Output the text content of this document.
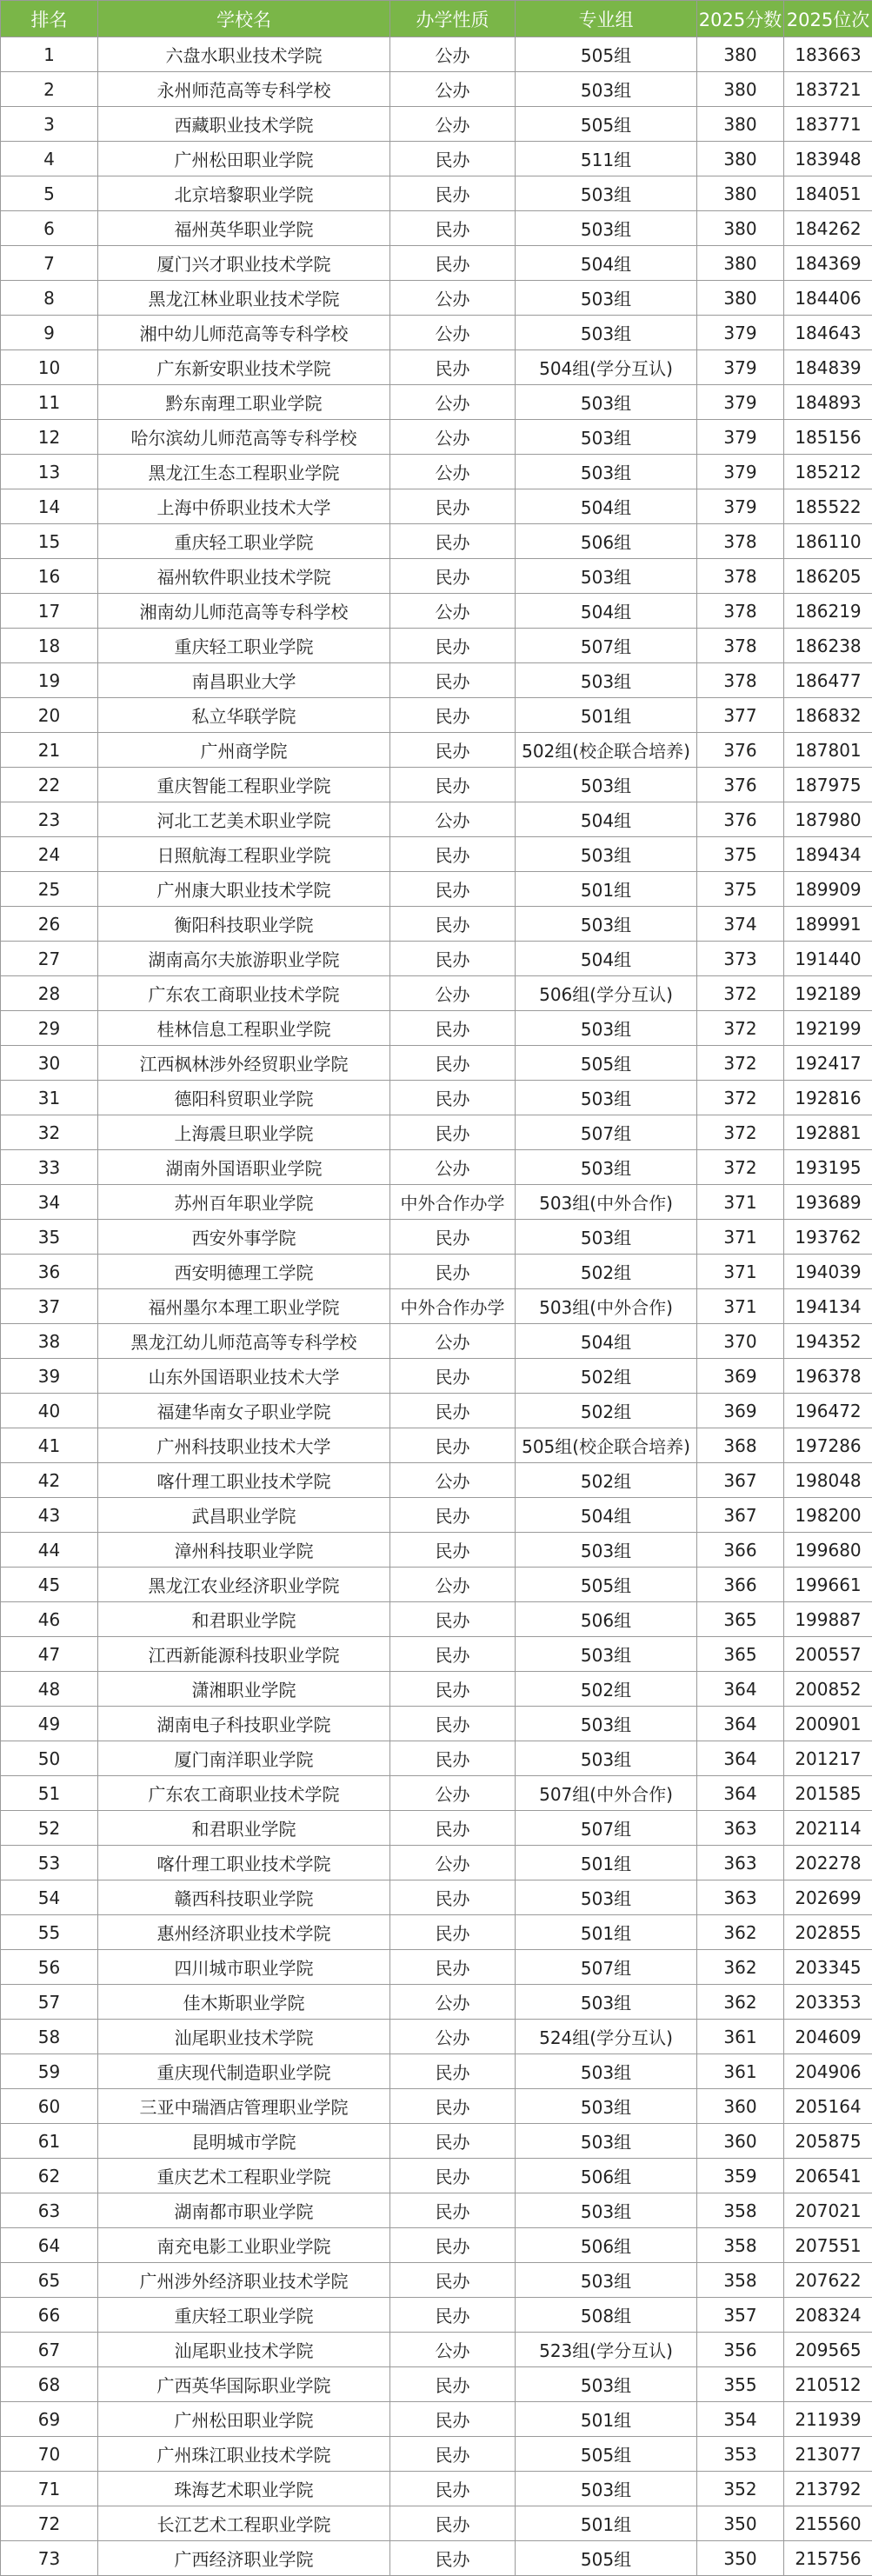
排名	学校名	办学性质	专业组	2025分数	2025位次
1	六盘水职业技术学院	公办	505组	380	183663
2	永州师范高等专科学校	公办	503组	380	183721
3	西藏职业技术学院	公办	505组	380	183771
4	广州松田职业学院	民办	511组	380	183948
5	北京培黎职业学院	民办	503组	380	184051
6	福州英华职业学院	民办	503组	380	184262
7	厦门兴才职业技术学院	民办	504组	380	184369
8	黑龙江林业职业技术学院	公办	503组	380	184406
9	湘中幼儿师范高等专科学校	公办	503组	379	184643
10	广东新安职业技术学院	民办	504组(学分互认)	379	184839
11	黔东南理工职业学院	公办	503组	379	184893
12	哈尔滨幼儿师范高等专科学校	公办	503组	379	185156
13	黑龙江生态工程职业学院	公办	503组	379	185212
14	上海中侨职业技术大学	民办	504组	379	185522
15	重庆轻工职业学院	民办	506组	378	186110
16	福州软件职业技术学院	民办	503组	378	186205
17	湘南幼儿师范高等专科学校	公办	504组	378	186219
18	重庆轻工职业学院	民办	507组	378	186238
19	南昌职业大学	民办	503组	378	186477
20	私立华联学院	民办	501组	377	186832
21	广州商学院	民办	502组(校企联合培养)	376	187801
22	重庆智能工程职业学院	民办	503组	376	187975
23	河北工艺美术职业学院	公办	504组	376	187980
24	日照航海工程职业学院	民办	503组	375	189434
25	广州康大职业技术学院	民办	501组	375	189909
26	衡阳科技职业学院	民办	503组	374	189991
27	湖南高尔夫旅游职业学院	民办	504组	373	191440
28	广东农工商职业技术学院	公办	506组(学分互认)	372	192189
29	桂林信息工程职业学院	民办	503组	372	192199
30	江西枫林涉外经贸职业学院	民办	505组	372	192417
31	德阳科贸职业学院	民办	503组	372	192816
32	上海震旦职业学院	民办	507组	372	192881
33	湖南外国语职业学院	公办	503组	372	193195
34	苏州百年职业学院	中外合作办学	503组(中外合作)	371	193689
35	西安外事学院	民办	503组	371	193762
36	西安明德理工学院	民办	502组	371	194039
37	福州墨尔本理工职业学院	中外合作办学	503组(中外合作)	371	194134
38	黑龙江幼儿师范高等专科学校	公办	504组	370	194352
39	山东外国语职业技术大学	民办	502组	369	196378
40	福建华南女子职业学院	民办	502组	369	196472
41	广州科技职业技术大学	民办	505组(校企联合培养)	368	197286
42	喀什理工职业技术学院	公办	502组	367	198048
43	武昌职业学院	民办	504组	367	198200
44	漳州科技职业学院	民办	503组	366	199680
45	黑龙江农业经济职业学院	公办	505组	366	199661
46	和君职业学院	民办	506组	365	199887
47	江西新能源科技职业学院	民办	503组	365	200557
48	潇湘职业学院	民办	502组	364	200852
49	湖南电子科技职业学院	民办	503组	364	200901
50	厦门南洋职业学院	民办	503组	364	201217
51	广东农工商职业技术学院	公办	507组(中外合作)	364	201585
52	和君职业学院	民办	507组	363	202114
53	喀什理工职业技术学院	公办	501组	363	202278
54	赣西科技职业学院	民办	503组	363	202699
55	惠州经济职业技术学院	民办	501组	362	202855
56	四川城市职业学院	民办	507组	362	203345
57	佳木斯职业学院	公办	503组	362	203353
58	汕尾职业技术学院	公办	524组(学分互认)	361	204609
59	重庆现代制造职业学院	民办	503组	361	204906
60	三亚中瑞酒店管理职业学院	民办	503组	360	205164
61	昆明城市学院	民办	503组	360	205875
62	重庆艺术工程职业学院	民办	506组	359	206541
63	湖南都市职业学院	民办	503组	358	207021
64	南充电影工业职业学院	民办	506组	358	207551
65	广州涉外经济职业技术学院	民办	503组	358	207622
66	重庆轻工职业学院	民办	508组	357	208324
67	汕尾职业技术学院	公办	523组(学分互认)	356	209565
68	广西英华国际职业学院	民办	503组	355	210512
69	广州松田职业学院	民办	501组	354	211939
70	广州珠江职业技术学院	民办	505组	353	213077
71	珠海艺术职业学院	民办	503组	352	213792
72	长江艺术工程职业学院	民办	501组	350	215560
73	广西经济职业学院	民办	505组	350	215756
